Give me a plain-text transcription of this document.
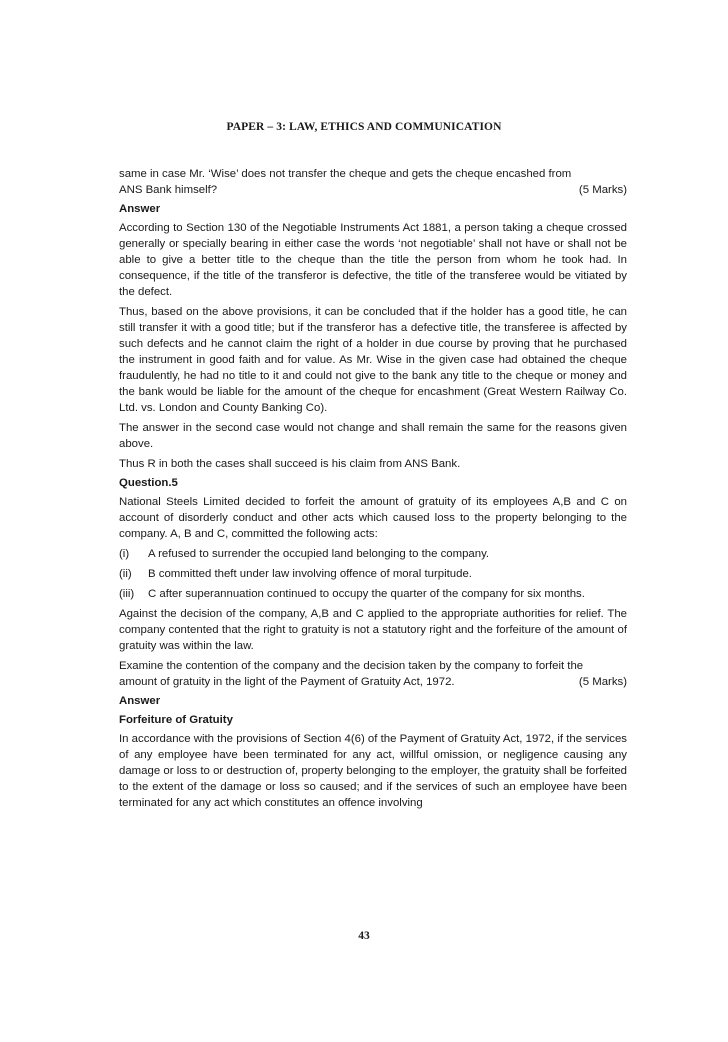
PAPER – 3: LAW, ETHICS AND COMMUNICATION

same in case Mr. ‘Wise’ does not transfer the cheque and gets the cheque encashed from

ANS Bank himself?	(5 Marks)

Answer

According to Section 130 of the Negotiable Instruments Act 1881, a person taking a cheque crossed generally or specially bearing in either case the words ‘not negotiable’ shall not have or shall not be able to give a better title to the cheque than the title the person from whom he took had. In consequence, if the title of the transferor is defective, the title of the transferee would be vitiated by the defect.

Thus, based on the above provisions, it can be concluded that if the holder has a good title, he can still transfer it with a good title; but if the transferor has a defective title, the transferee is affected by such defects and he cannot claim the right of a holder in due course by proving that he purchased the instrument in good faith and for value. As Mr. Wise in the given case had obtained the cheque fraudulently, he had no title to it and could not give to the bank any title to the cheque or money and the bank would be liable for the amount of the cheque for encashment (Great Western Railway Co. Ltd. vs. London and County Banking Co).

The answer in the second case would not change and shall remain the same for the reasons given above.

Thus R in both the cases shall succeed is his claim from ANS Bank.

Question.5

National Steels Limited decided to forfeit the amount of gratuity of its employees A,B and C on account of disorderly conduct and other acts which caused loss to the property belonging to the company. A, B and C, committed the following acts:

(i)	A refused to surrender the occupied land belonging to the company.
(ii)	B committed theft under law involving offence of moral turpitude.
(iii)	C after superannuation continued to occupy the quarter of the company for six months.

Against the decision of the company, A,B and C applied to the appropriate authorities for relief. The company contented that the right to gratuity is not a statutory right and the forfeiture of the amount of gratuity was within the law.

Examine the contention of the company and the decision taken by the company to forfeit the

amount of gratuity in the light of the Payment of Gratuity Act, 1972.	(5 Marks)

Answer
Forfeiture of Gratuity

In accordance with the provisions of Section 4(6) of the Payment of Gratuity Act, 1972, if the services of any employee have been terminated for any act, willful omission, or negligence causing any damage or loss to or destruction of, property belonging to the employer, the gratuity shall be forfeited to the extent of the damage or loss so caused; and if the services of such an employee have been terminated for any act which constitutes an offence involving

43
